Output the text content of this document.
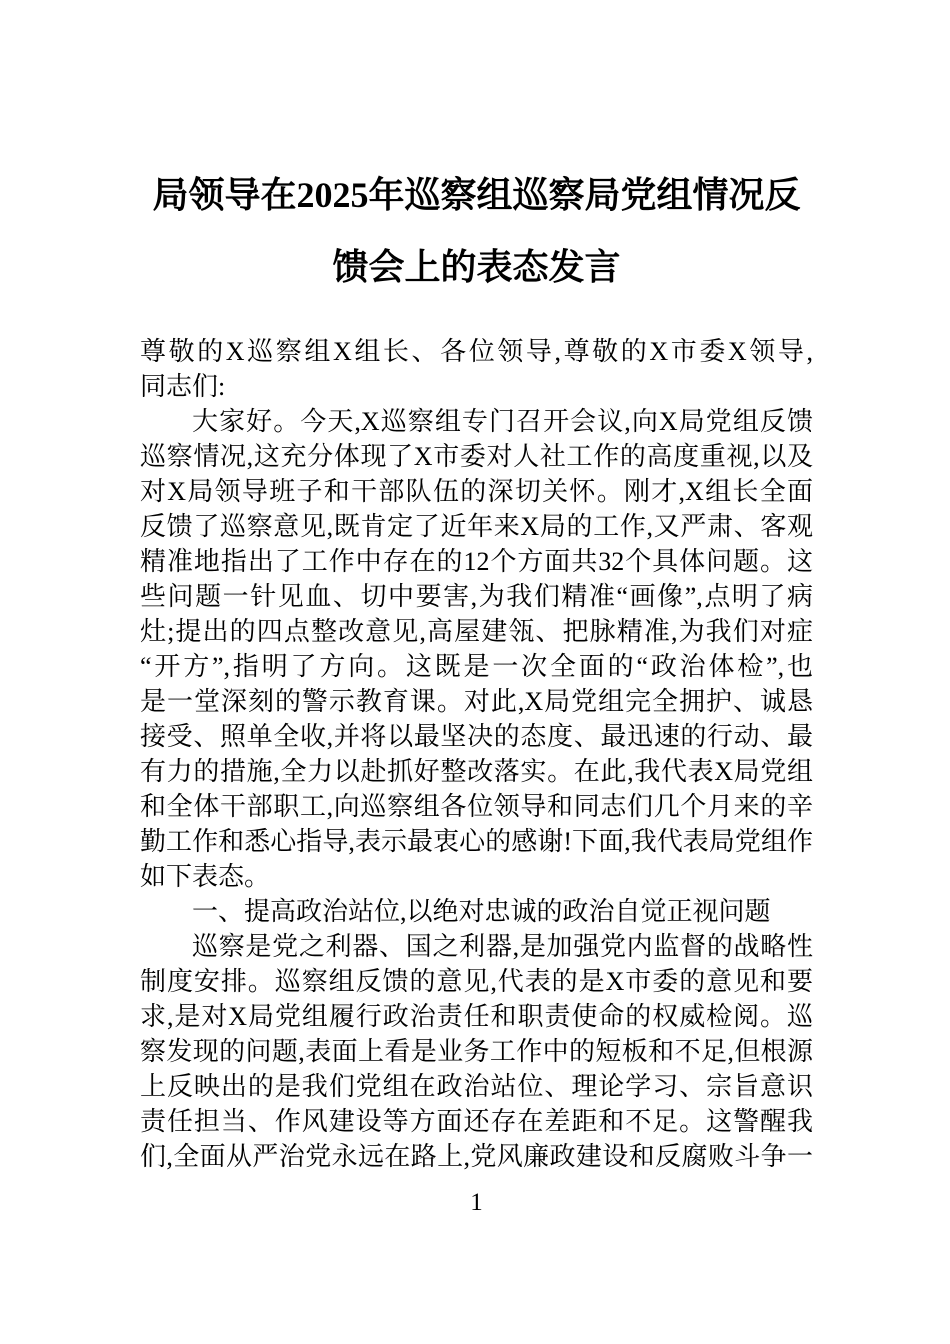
局领导在2025年巡察组巡察局党组情况反
馈会上的表态发言
尊敬的X巡察组X组长、各位领导,尊敬的X市委X领导,
同志们:
大家好。今天,X巡察组专门召开会议,向X局党组反馈
巡察情况,这充分体现了X市委对人社工作的高度重视,以及
对X局领导班子和干部队伍的深切关怀。刚才,X组长全面
反馈了巡察意见,既肯定了近年来X局的工作,又严肃、客观
精准地指出了工作中存在的12个方面共32个具体问题。这
些问题一针见血、切中要害,为我们精准“画像”,点明了病
灶;提出的四点整改意见,高屋建瓴、把脉精准,为我们对症
“开方”,指明了方向。这既是一次全面的“政治体检”,也
是一堂深刻的警示教育课。对此,X局党组完全拥护、诚恳
接受、照单全收,并将以最坚决的态度、最迅速的行动、最
有力的措施,全力以赴抓好整改落实。在此,我代表X局党组
和全体干部职工,向巡察组各位领导和同志们几个月来的辛
勤工作和悉心指导,表示最衷心的感谢!下面,我代表局党组作
如下表态。
一、提高政治站位,以绝对忠诚的政治自觉正视问题
巡察是党之利器、国之利器,是加强党内监督的战略性
制度安排。巡察组反馈的意见,代表的是X市委的意见和要
求,是对X局党组履行政治责任和职责使命的权威检阅。巡
察发现的问题,表面上看是业务工作中的短板和不足,但根源
上反映出的是我们党组在政治站位、理论学习、宗旨意识
责任担当、作风建设等方面还存在差距和不足。这警醒我
们,全面从严治党永远在路上,党风廉政建设和反腐败斗争一
1
